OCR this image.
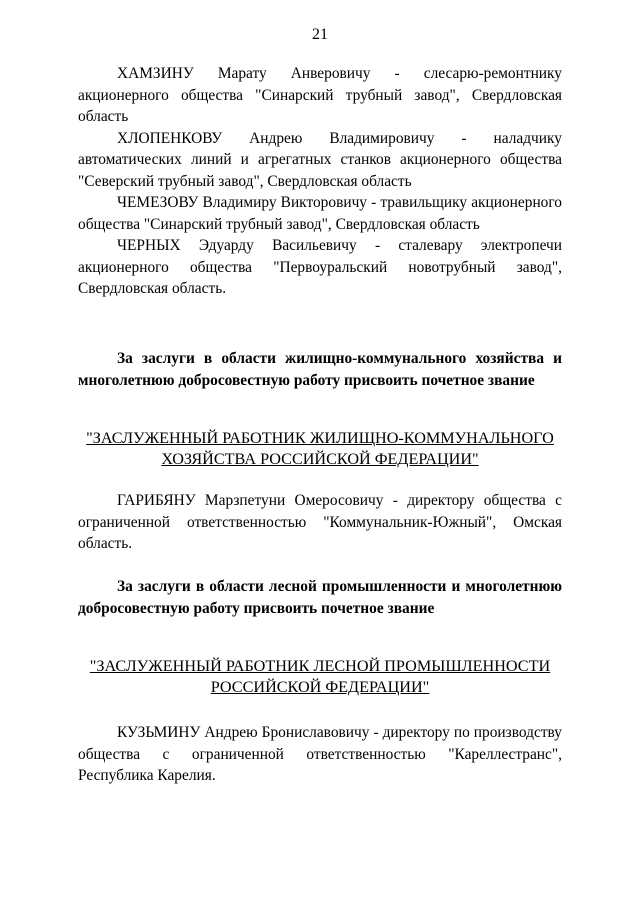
21

ХАМЗИНУ Марату Анверовичу - слесарю-ремонтнику акционерного общества "Синарский трубный завод", Свердловская область

ХЛОПЕНКОВУ Андрею Владимировичу - наладчику автоматических линий и агрегатных станков акционерного общества "Северский трубный завод", Свердловская область

ЧЕМЕЗОВУ Владимиру Викторовичу - травильщику акционерного общества "Синарский трубный завод", Свердловская область

ЧЕРНЫХ Эдуарду Васильевичу - сталевару электропечи акционерного общества "Первоуральский новотрубный завод", Свердловская область.

За заслуги в области жилищно-коммунального хозяйства и многолетнюю добросовестную работу присвоить почетное звание

"ЗАСЛУЖЕННЫЙ РАБОТНИК ЖИЛИЩНО-КОММУНАЛЬНОГО

ХОЗЯЙСТВА РОССИЙСКОЙ ФЕДЕРАЦИИ"

ГАРИБЯНУ Марзпетуни Омеросовичу - директору общества с ограниченной ответственностью "Коммунальник-Южный", Омская область.

За заслуги в области лесной промышленности и многолетнюю добросовестную работу присвоить почетное звание

"ЗАСЛУЖЕННЫЙ РАБОТНИК ЛЕСНОЙ ПРОМЫШЛЕННОСТИ

РОССИЙСКОЙ ФЕДЕРАЦИИ"

КУЗЬМИНУ Андрею Брониславовичу - директору по производству общества с ограниченной ответственностью "Кареллестранс", Республика Карелия.
